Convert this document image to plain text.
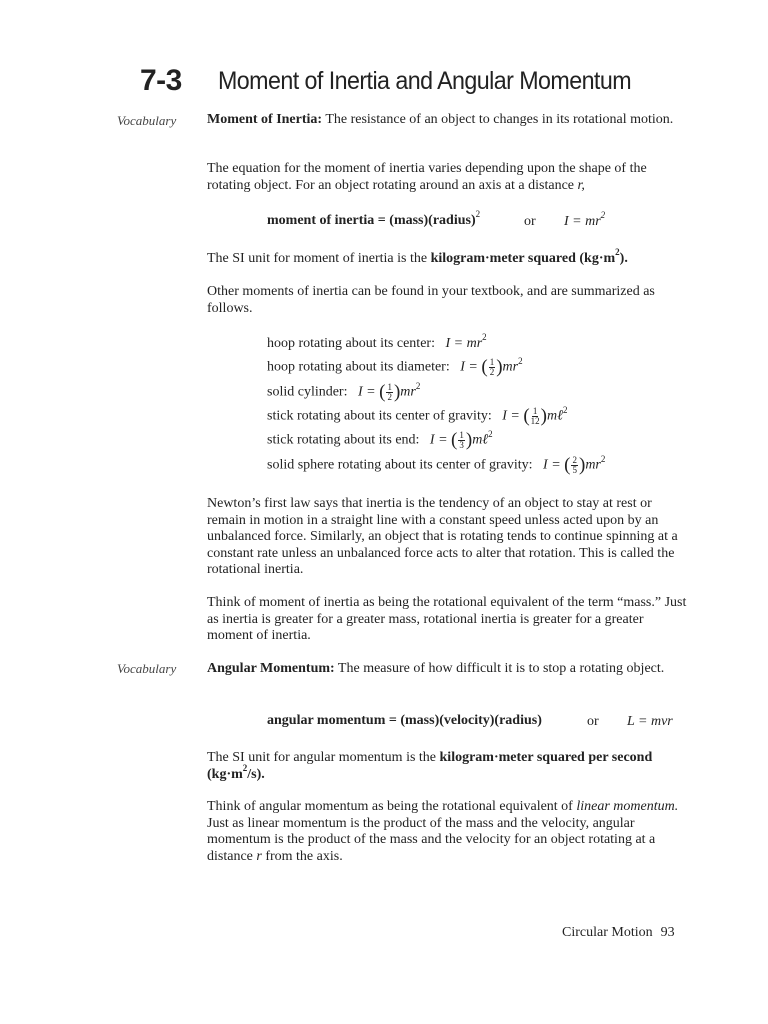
7-3 Moment of Inertia and Angular Momentum
Vocabulary Moment of Inertia: The resistance of an object to changes in its rotational motion.

The equation for the moment of inertia varies depending upon the shape of the rotating object. For an object rotating around an axis at a distance r,

moment of inertia = (mass)(radius)$^2$	or $I = mr^2$

The SI unit for moment of inertia is the kilogram·meter squared $(kg\cdot m^2)$.

Other moments of inertia can be found in your textbook, and are summarized as follows.

hoop rotating about its center: $I = mr^2$
hoop rotating about its diameter: I = ( $\frac{1}{2} )mr^2$
solid cylinder: I = ( $\frac{1}{2} )mr^2$
stick rotating about its center of gravity: I = ( $\frac{1}{12}$ )mℓ$^2$
stick rotating about its end: I = ( $\frac{1}{3}$ )mℓ$^2$
solid sphere rotating about its center of gravity: I = ( $\frac{2}{5} )mr^2$

Newton’s first law says that inertia is the tendency of an object to stay at rest or remain in motion in a straight line with a constant speed unless acted upon by an unbalanced force. Similarly, an object that is rotating tends to continue spinning at a constant rate unless an unbalanced force acts to alter that rotation. This is called the rotational inertia.

Think of moment of inertia as being the rotational equivalent of the term “mass.” Just as inertia is greater for a greater mass, rotational inertia is greater for a greater moment of inertia.

Vocabulary Angular Momentum: The measure of how difficult it is to stop a rotating object.

angular momentum = (mass)(velocity)(radius)	or L = mvr

The SI unit for angular momentum is the kilogram·meter squared per second $(kg\cdot m^2/s)$.

Think of angular momentum as being the rotational equivalent of linear momentum. Just as linear momentum is the product of the mass and the velocity, angular momentum is the product of the mass and the velocity for an object rotating at a distance r from the axis.

Circular Motion 93
